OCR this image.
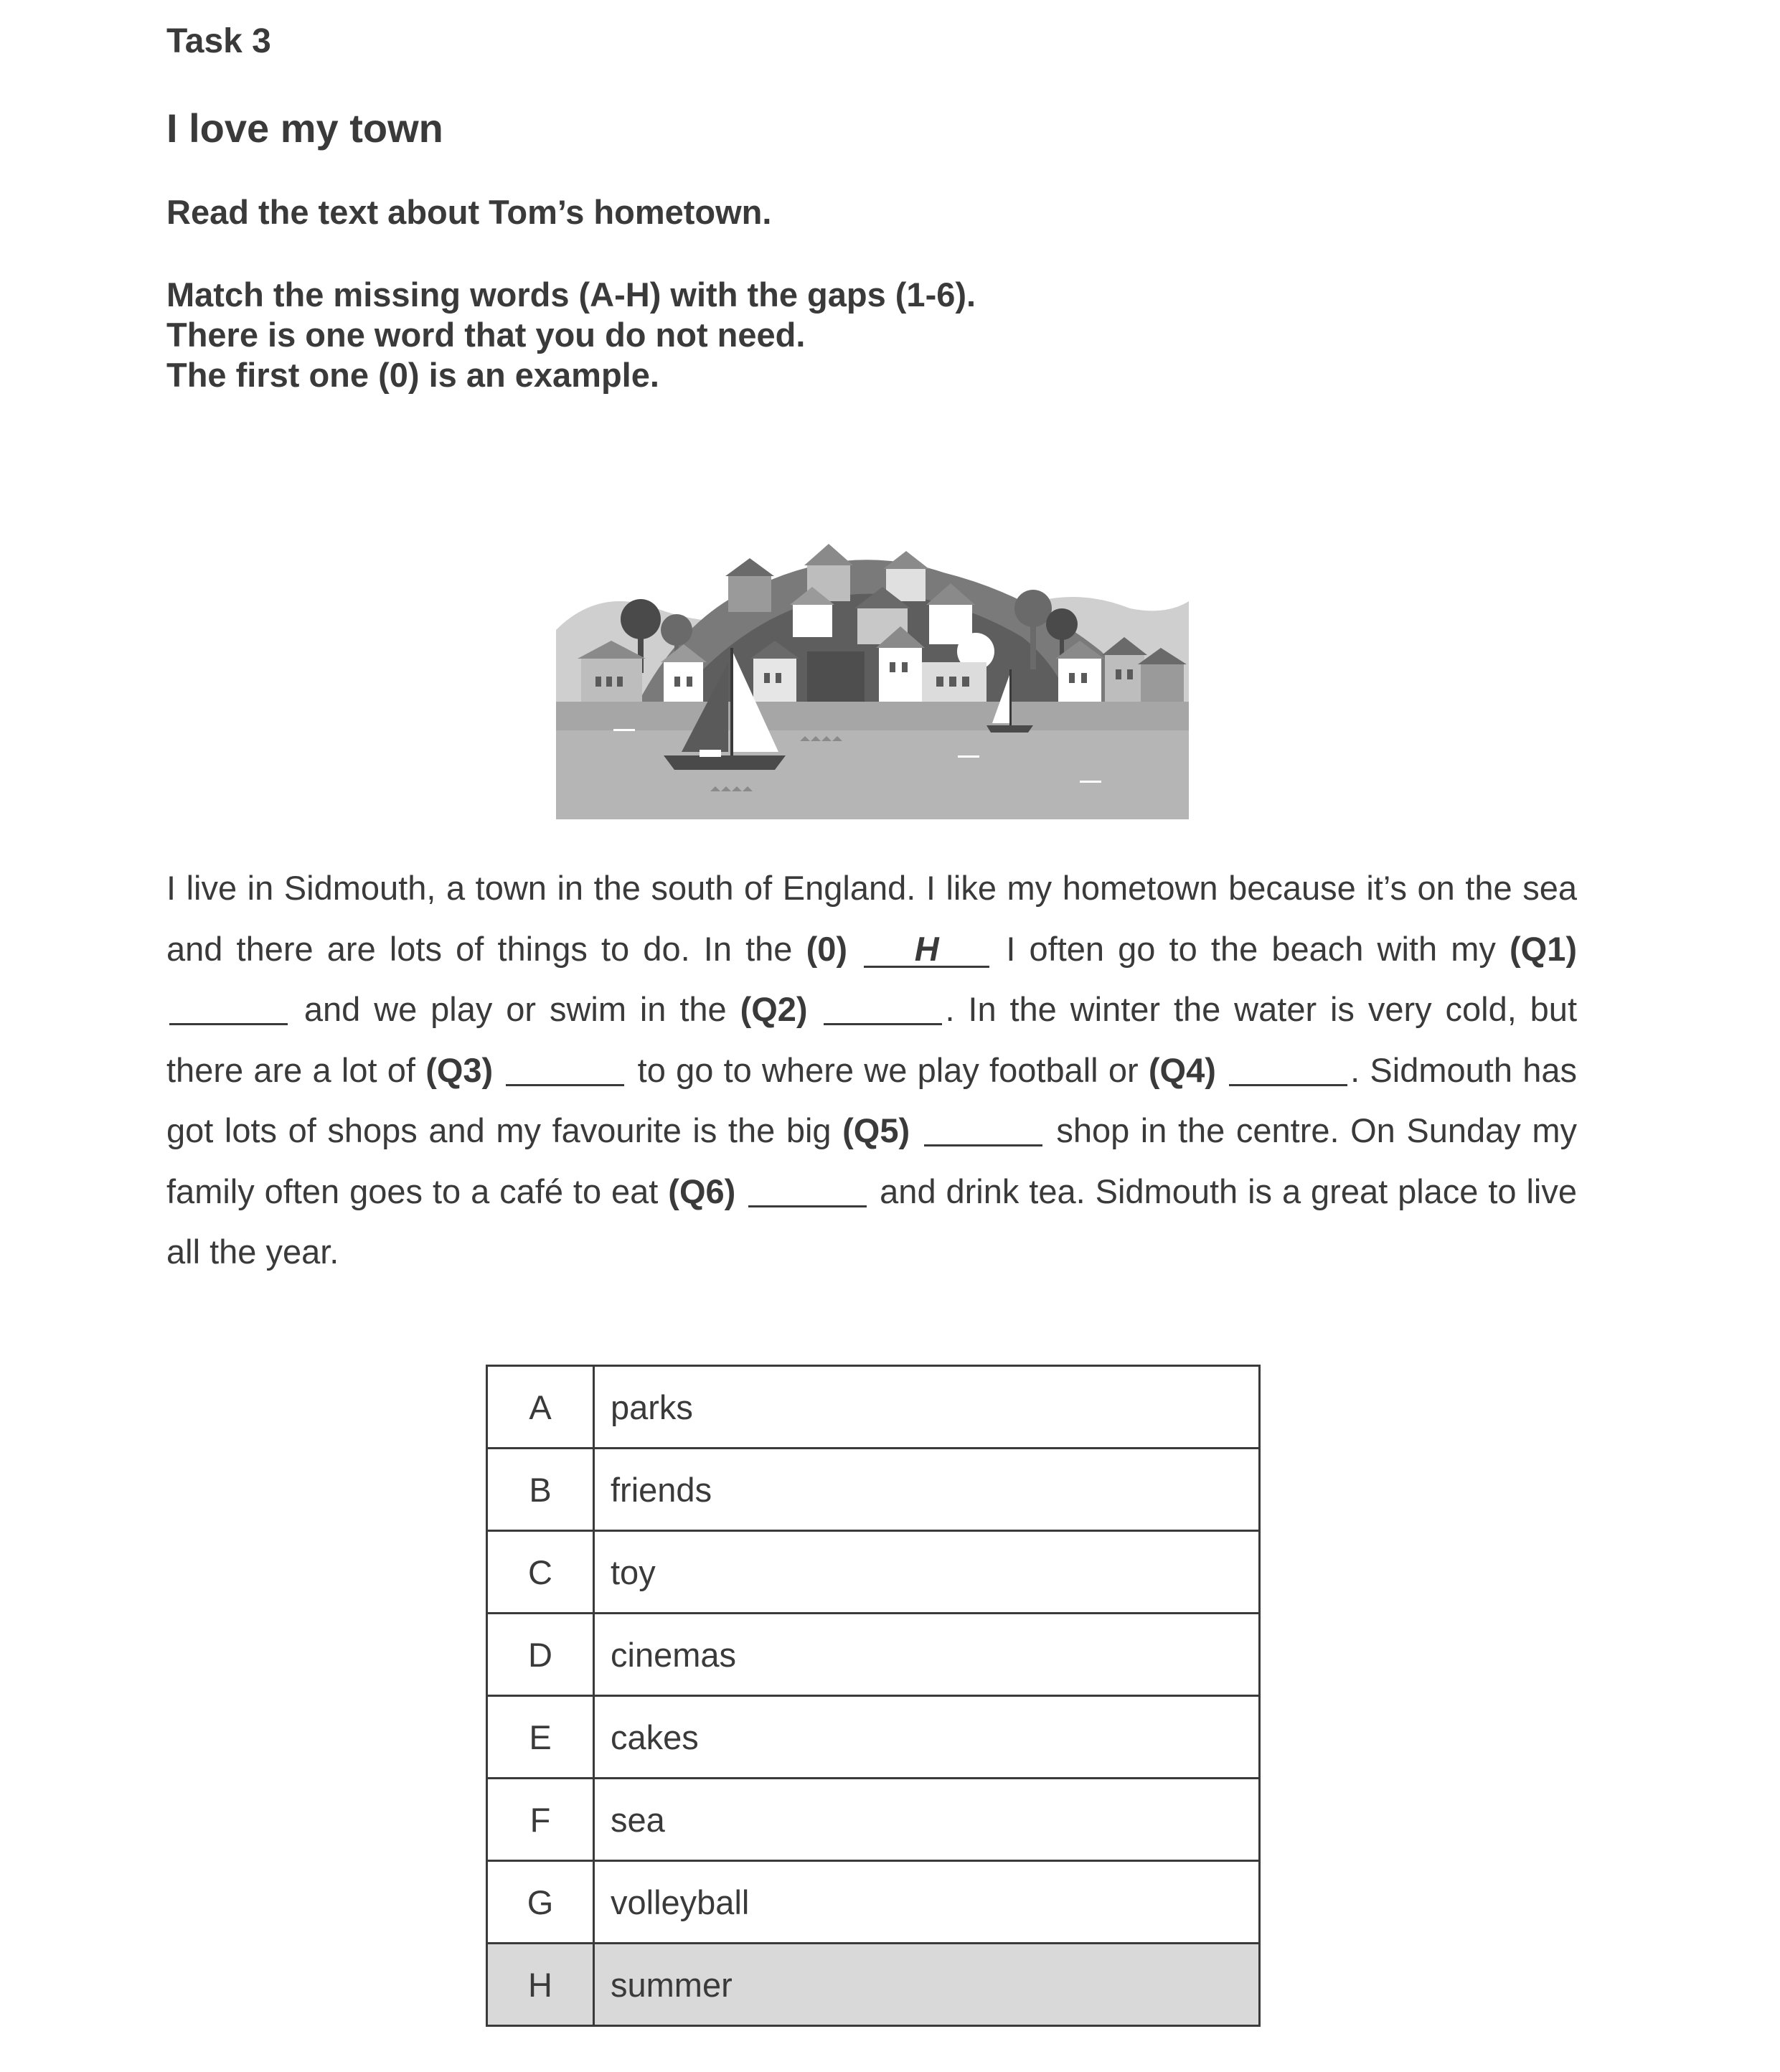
Task 3
I love my town

Read the text about Tom’s hometown.

Match the missing words (A-H) with the gaps (1-6).
There is one word that you do not need.
The first one (0) is an example.

I live in Sidmouth, a town in the south of England. I like my hometown because it’s on the sea and there are lots of things to do. In the (0) H I often go to the beach with my (Q1)  and we play or swim in the (Q2)	. In the winter the water is very cold, but there are a lot of (Q3)	to go to where we play football or (Q4)	. Sidmouth has got lots of shops and my favourite is the big (Q5)	shop in the centre. On Sunday my family often goes to a café to eat (Q6)	and drink tea. Sidmouth is a great place to live all the year.

A	parks
B	friends
C	toy
D	cinemas
E	cakes
F	sea
G	volleyball
H	summer
